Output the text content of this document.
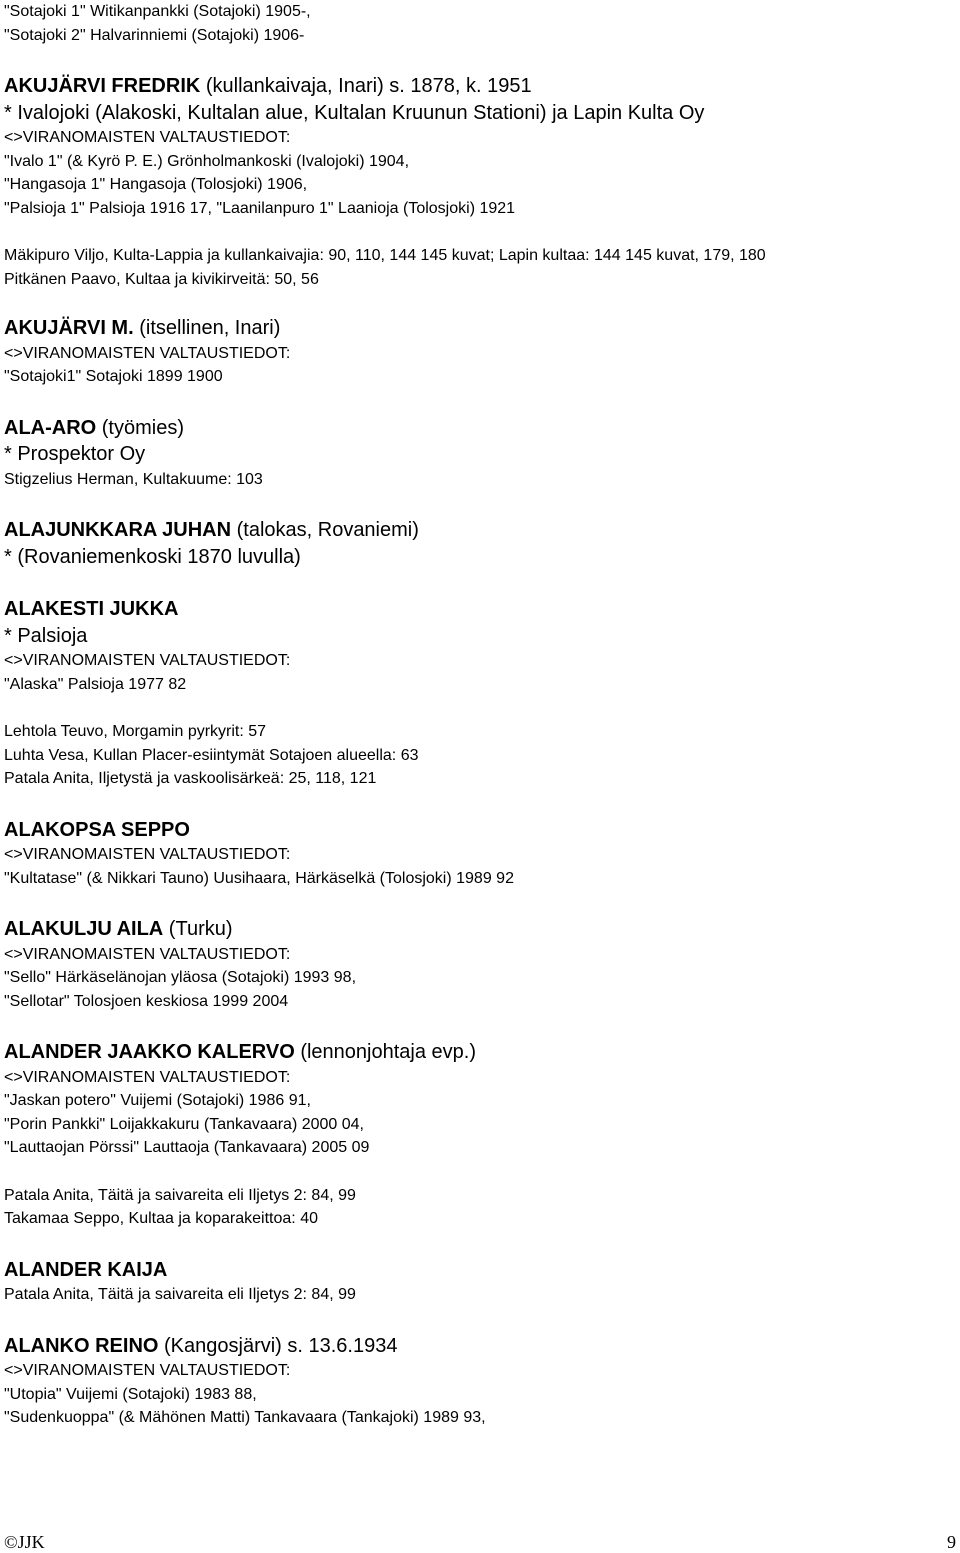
"Sotajoki 1" Witikanpankki (Sotajoki) 1905-,
"Sotajoki 2" Halvarinniemi (Sotajoki) 1906-
AKUJÄRVI FREDRIK (kullankaivaja, Inari) s. 1878, k. 1951
* Ivalojoki (Alakoski, Kultalan alue, Kultalan Kruunun Stationi) ja Lapin Kulta Oy
<>VIRANOMAISTEN VALTAUSTIEDOT:
"Ivalo 1" (& Kyrö P. E.) Grönholmankoski (Ivalojoki) 1904,
"Hangasoja 1" Hangasoja (Tolosjoki) 1906,
"Palsioja 1" Palsioja 1916 17, "Laanilanpuro 1" Laanioja (Tolosjoki) 1921
Mäkipuro Viljo, Kulta-Lappia ja kullankaivajia: 90, 110, 144 145 kuvat; Lapin kultaa: 144 145 kuvat, 179, 180
Pitkänen Paavo, Kultaa ja kivikirveitä: 50, 56
AKUJÄRVI M. (itsellinen, Inari)
<>VIRANOMAISTEN VALTAUSTIEDOT:
"Sotajoki1" Sotajoki 1899 1900
ALA-ARO (työmies)
* Prospektor Oy
Stigzelius Herman, Kultakuume: 103
ALAJUNKKARA JUHAN (talokas, Rovaniemi)
* (Rovaniemenkoski 1870 luvulla)
ALAKESTI JUKKA
* Palsioja
<>VIRANOMAISTEN VALTAUSTIEDOT:
"Alaska" Palsioja 1977 82
Lehtola Teuvo, Morgamin pyrkyrit: 57
Luhta Vesa, Kullan Placer-esiintymät Sotajoen alueella: 63
Patala Anita, Iljetystä ja vaskoolisärkeä: 25, 118, 121
ALAKOPSA SEPPO
<>VIRANOMAISTEN VALTAUSTIEDOT:
"Kultatase" (& Nikkari Tauno) Uusihaara, Härkäselkä (Tolosjoki) 1989 92
ALAKULJU AILA (Turku)
<>VIRANOMAISTEN VALTAUSTIEDOT:
"Sello" Härkäselänojan yläosa (Sotajoki) 1993 98,
"Sellotar" Tolosjoen keskiosa 1999 2004
ALANDER JAAKKO KALERVO (lennonjohtaja evp.)
<>VIRANOMAISTEN VALTAUSTIEDOT:
"Jaskan potero" Vuijemi (Sotajoki) 1986 91,
"Porin Pankki" Loijakkakuru (Tankavaara) 2000 04,
"Lauttaojan Pörssi" Lauttaoja (Tankavaara) 2005 09
Patala Anita, Täitä ja saivareita eli Iljetys 2: 84, 99
Takamaa Seppo, Kultaa ja koparakeittoa: 40
ALANDER KAIJA
Patala Anita, Täitä ja saivareita eli Iljetys 2: 84, 99
ALANKO REINO (Kangosjärvi) s. 13.6.1934
<>VIRANOMAISTEN VALTAUSTIEDOT:
"Utopia" Vuijemi (Sotajoki) 1983 88,
"Sudenkuoppa" (& Mähönen Matti) Tankavaara (Tankajoki) 1989 93,
©JJK	9
